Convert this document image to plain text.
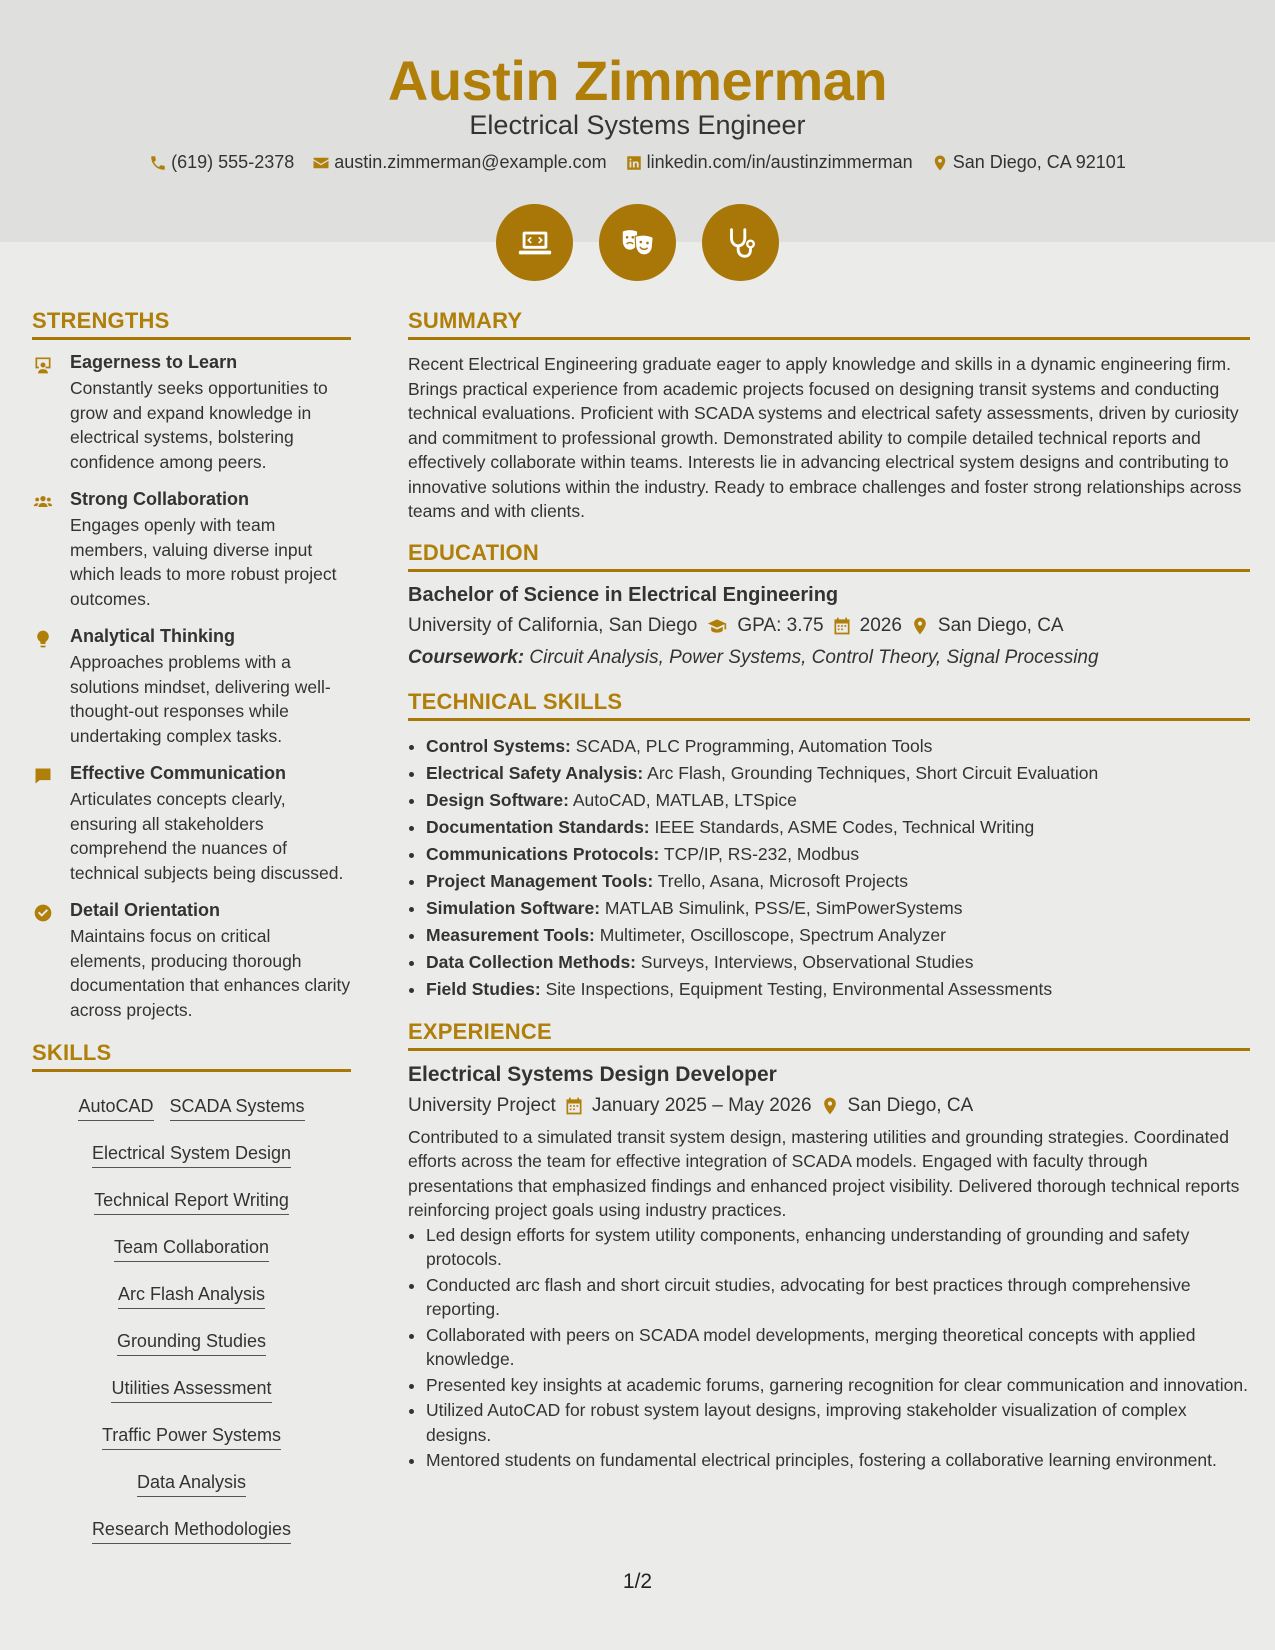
Austin Zimmerman
Electrical Systems Engineer
(619) 555-2378 austin.zimmerman@example.com linkedin.com/in/austinzimmerman San Diego, CA 92101
STRENGTHS
Eagerness to Learn
Constantly seeks opportunities to grow and expand knowledge in electrical systems, bolstering confidence among peers.
Strong Collaboration
Engages openly with team members, valuing diverse input which leads to more robust project outcomes.
Analytical Thinking
Approaches problems with a solutions mindset, delivering well-thought-out responses while undertaking complex tasks.
Effective Communication
Articulates concepts clearly, ensuring all stakeholders comprehend the nuances of technical subjects being discussed.
Detail Orientation
Maintains focus on critical elements, producing thorough documentation that enhances clarity across projects.
SKILLS
AutoCAD SCADA Systems
Electrical System Design
Technical Report Writing
Team Collaboration
Arc Flash Analysis
Grounding Studies
Utilities Assessment
Traffic Power Systems
Data Analysis
Research Methodologies
SUMMARY
Recent Electrical Engineering graduate eager to apply knowledge and skills in a dynamic engineering firm. Brings practical experience from academic projects focused on designing transit systems and conducting technical evaluations. Proficient with SCADA systems and electrical safety assessments, driven by curiosity and commitment to professional growth. Demonstrated ability to compile detailed technical reports and effectively collaborate within teams. Interests lie in advancing electrical system designs and contributing to innovative solutions within the industry. Ready to embrace challenges and foster strong relationships across teams and with clients.
EDUCATION
Bachelor of Science in Electrical Engineering
University of California, San Diego GPA: 3.75 2026 San Diego, CA
Coursework: Circuit Analysis, Power Systems, Control Theory, Signal Processing
TECHNICAL SKILLS
• Control Systems: SCADA, PLC Programming, Automation Tools
• Electrical Safety Analysis: Arc Flash, Grounding Techniques, Short Circuit Evaluation
• Design Software: AutoCAD, MATLAB, LTSpice
• Documentation Standards: IEEE Standards, ASME Codes, Technical Writing
• Communications Protocols: TCP/IP, RS-232, Modbus
• Project Management Tools: Trello, Asana, Microsoft Projects
• Simulation Software: MATLAB Simulink, PSS/E, SimPowerSystems
• Measurement Tools: Multimeter, Oscilloscope, Spectrum Analyzer
• Data Collection Methods: Surveys, Interviews, Observational Studies
• Field Studies: Site Inspections, Equipment Testing, Environmental Assessments
EXPERIENCE
Electrical Systems Design Developer
University Project January 2025 – May 2026 San Diego, CA
Contributed to a simulated transit system design, mastering utilities and grounding strategies. Coordinated efforts across the team for effective integration of SCADA models. Engaged with faculty through presentations that emphasized findings and enhanced project visibility. Delivered thorough technical reports reinforcing project goals using industry practices.
• Led design efforts for system utility components, enhancing understanding of grounding and safety protocols.
• Conducted arc flash and short circuit studies, advocating for best practices through comprehensive reporting.
• Collaborated with peers on SCADA model developments, merging theoretical concepts with applied knowledge.
• Presented key insights at academic forums, garnering recognition for clear communication and innovation.
• Utilized AutoCAD for robust system layout designs, improving stakeholder visualization of complex designs.
• Mentored students on fundamental electrical principles, fostering a collaborative learning environment.
1/2
